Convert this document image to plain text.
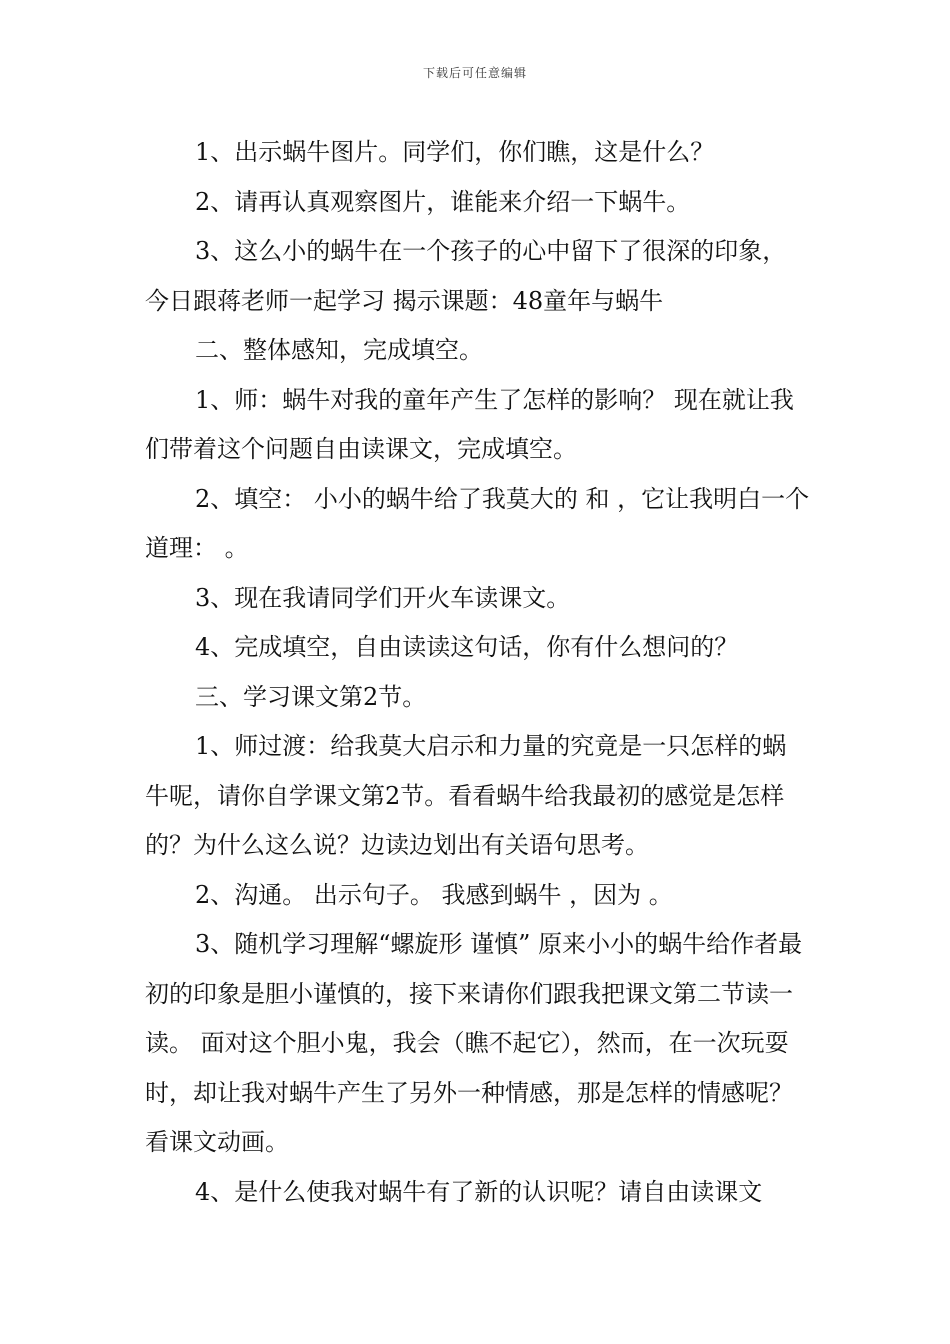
下载后可任意编辑

1、出示蜗牛图片。同学们，你们瞧，这是什么？

2、请再认真观察图片，谁能来介绍一下蜗牛。

3、这么小的蜗牛在一个孩子的心中留下了很深的印象，今日跟蒋老师一起学习 揭示课题：48童年与蜗牛

二、整体感知，完成填空。

1、师：蜗牛对我的童年产生了怎样的影响？ 现在就让我们带着这个问题自由读课文，完成填空。

2、填空： 小小的蜗牛给了我莫大的 和 ，它让我明白一个道理： 。

3、现在我请同学们开火车读课文。

4、完成填空，自由读读这句话，你有什么想问的？

三、学习课文第2节。

1、师过渡：给我莫大启示和力量的究竟是一只怎样的蜗牛呢，请你自学课文第2节。看看蜗牛给我最初的感觉是怎样的？为什么这么说？边读边划出有关语句思考。

2、沟通。 出示句子。 我感到蜗牛 ，因为 。

3、随机学习理解“螺旋形 谨慎” 原来小小的蜗牛给作者最初的印象是胆小谨慎的，接下来请你们跟我把课文第二节读一读。 面对这个胆小鬼，我会（瞧不起它），然而，在一次玩耍时，却让我对蜗牛产生了另外一种情感，那是怎样的情感呢？看课文动画。

4、是什么使我对蜗牛有了新的认识呢？请自由读课文
